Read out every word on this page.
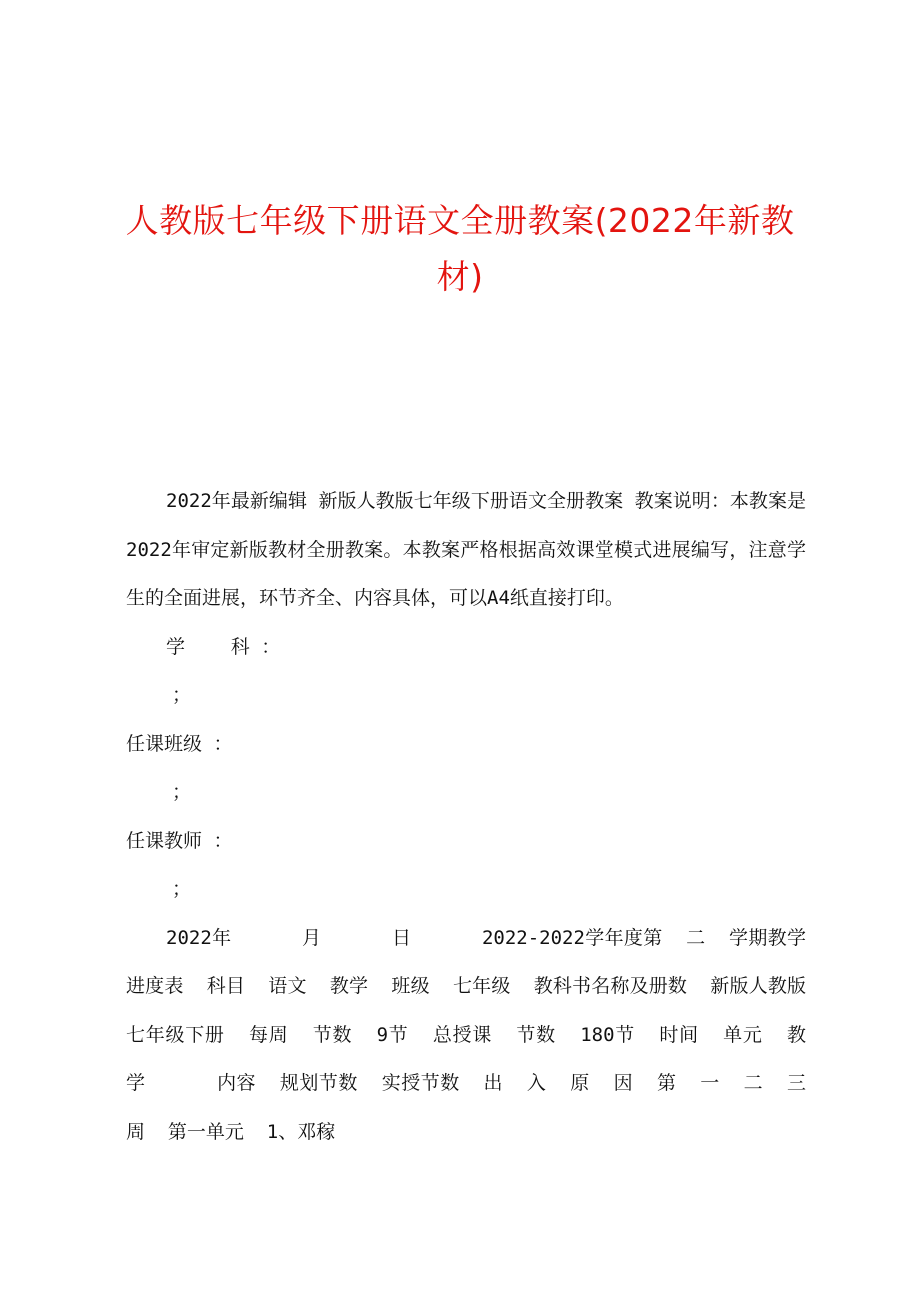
人教版七年级下册语文全册教案(2022年新教材)

2022年最新编辑 新版人教版七年级下册语文全册教案 教案说明：本教案是2022年审定新版教材全册教案。本教案严格根据高效课堂模式进展编写，注意学生的全面进展，环节齐全、内容具体，可以A4纸直接打印。

学    科 ：
；
任课班级 ：
；
任课教师 ：
；

2022年      月      日      2022-2022学年度第  二  学期教学进度表  科目  语文  教学  班级  七年级  教科书名称及册数  新版人教版七年级下册  每周  节数  9节  总授课  节数  180节  时间  单元  教      学      内容  规划节数  实授节数  出  入  原  因  第  一  二  三  周  第一单元  1、邓稼
